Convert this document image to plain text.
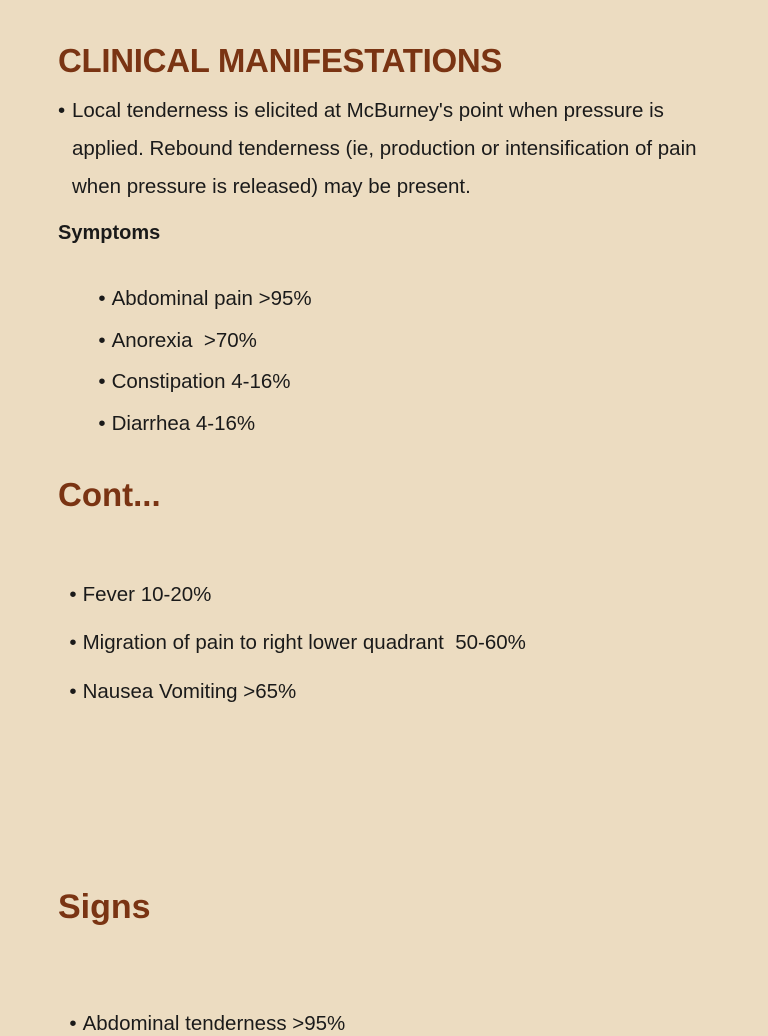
CLINICAL MANIFESTATIONS
• Local tenderness is elicited at McBurney's point when pressure is applied. Rebound tenderness (ie, production or intensification of pain when pressure is released) may be present.
Symptoms

• Abdominal pain >95%

• Anorexia  >70%

• Constipation 4-16%

• Diarrhea 4-16%

Cont...

• Fever 10-20%

• Migration of pain to right lower quadrant  50-60%

• Nausea Vomiting >65%

Signs

• Abdominal tenderness >95%
